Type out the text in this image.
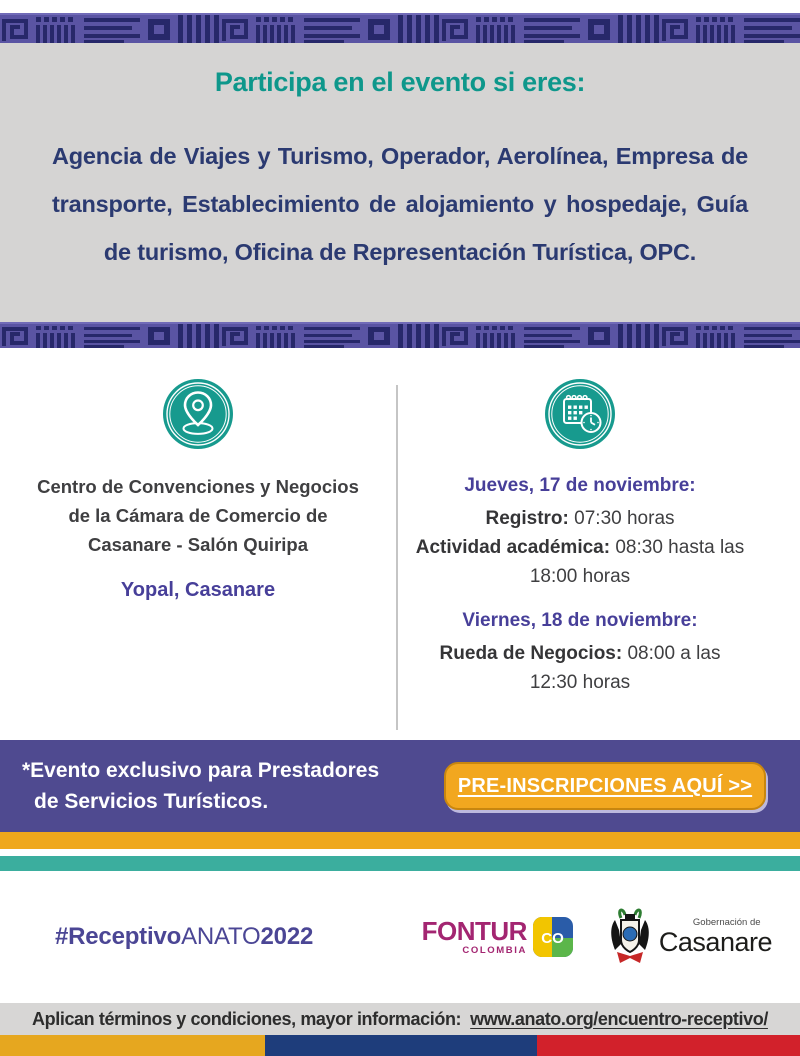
Participa en el evento si eres:

Agencia de Viajes y Turismo, Operador, Aerolínea, Empresa de transporte, Establecimiento de alojamiento y hospedaje, Guía de turismo, Oficina de Representación Turística, OPC.

Centro de Convenciones y Negocios

de la Cámara de Comercio de

Casanare - Salón Quiripa

Yopal, Casanare

Jueves, 17 de noviembre:

Registro: 07:30 horas

Actividad académica: 08:30 hasta las 18:00 horas

Viernes, 18 de noviembre:

Rueda de Negocios: 08:00 a las 12:30 horas

*Evento exclusivo para Prestadores

de Servicios Turísticos.

PRE-INSCRIPCIONES AQUÍ >>
#ReceptivoANATO2022	FONTUR
COLOMBIA
CO
Gobernación de
Casanare
Aplican términos y condiciones, mayor información: www.anato.org/encuentro-receptivo/
